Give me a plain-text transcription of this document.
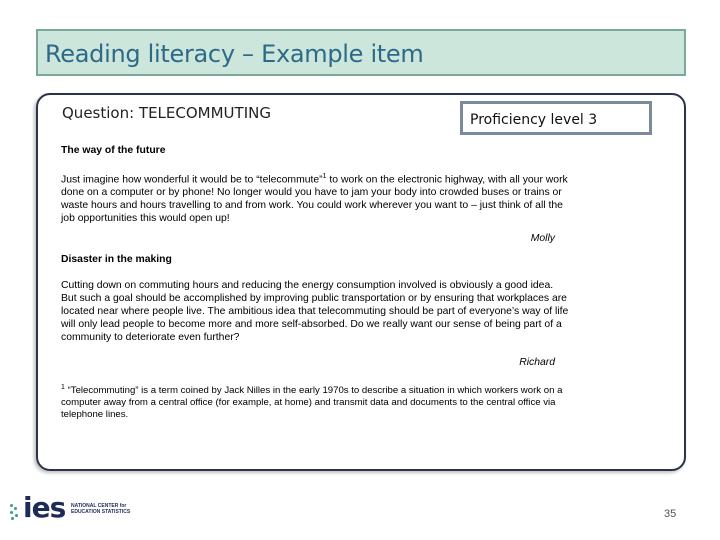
Reading literacy – Example item
Question: TELECOMMUTING	Proficiency level 3

The way of the future

Just imagine how wonderful it would be to “telecommute”$^1$ to work on the electronic highway, with all your work done on a computer or by phone! No longer would you have to jam your body into crowded buses or trains or waste hours and hours travelling to and from work. You could work wherever you want to – just think of all the job opportunities this would open up!

Molly

Disaster in the making

Cutting down on commuting hours and reducing the energy consumption involved is obviously a good idea. But such a goal should be accomplished by improving public transportation or by ensuring that workplaces are located near where people live. The ambitious idea that telecommuting should be part of everyone’s way of life will only lead people to become more and more self-absorbed. Do we really want our sense of being part of a community to deteriorate even further?

Richard

$^1$ “Telecommuting” is a term coined by Jack Nilles in the early 1970s to describe a situation in which workers work on a computer away from a central office (for example, at home) and transmit data and documents to the central office via telephone lines.

ies NATIONAL CENTER for
EDUCATION STATISTICS	35
